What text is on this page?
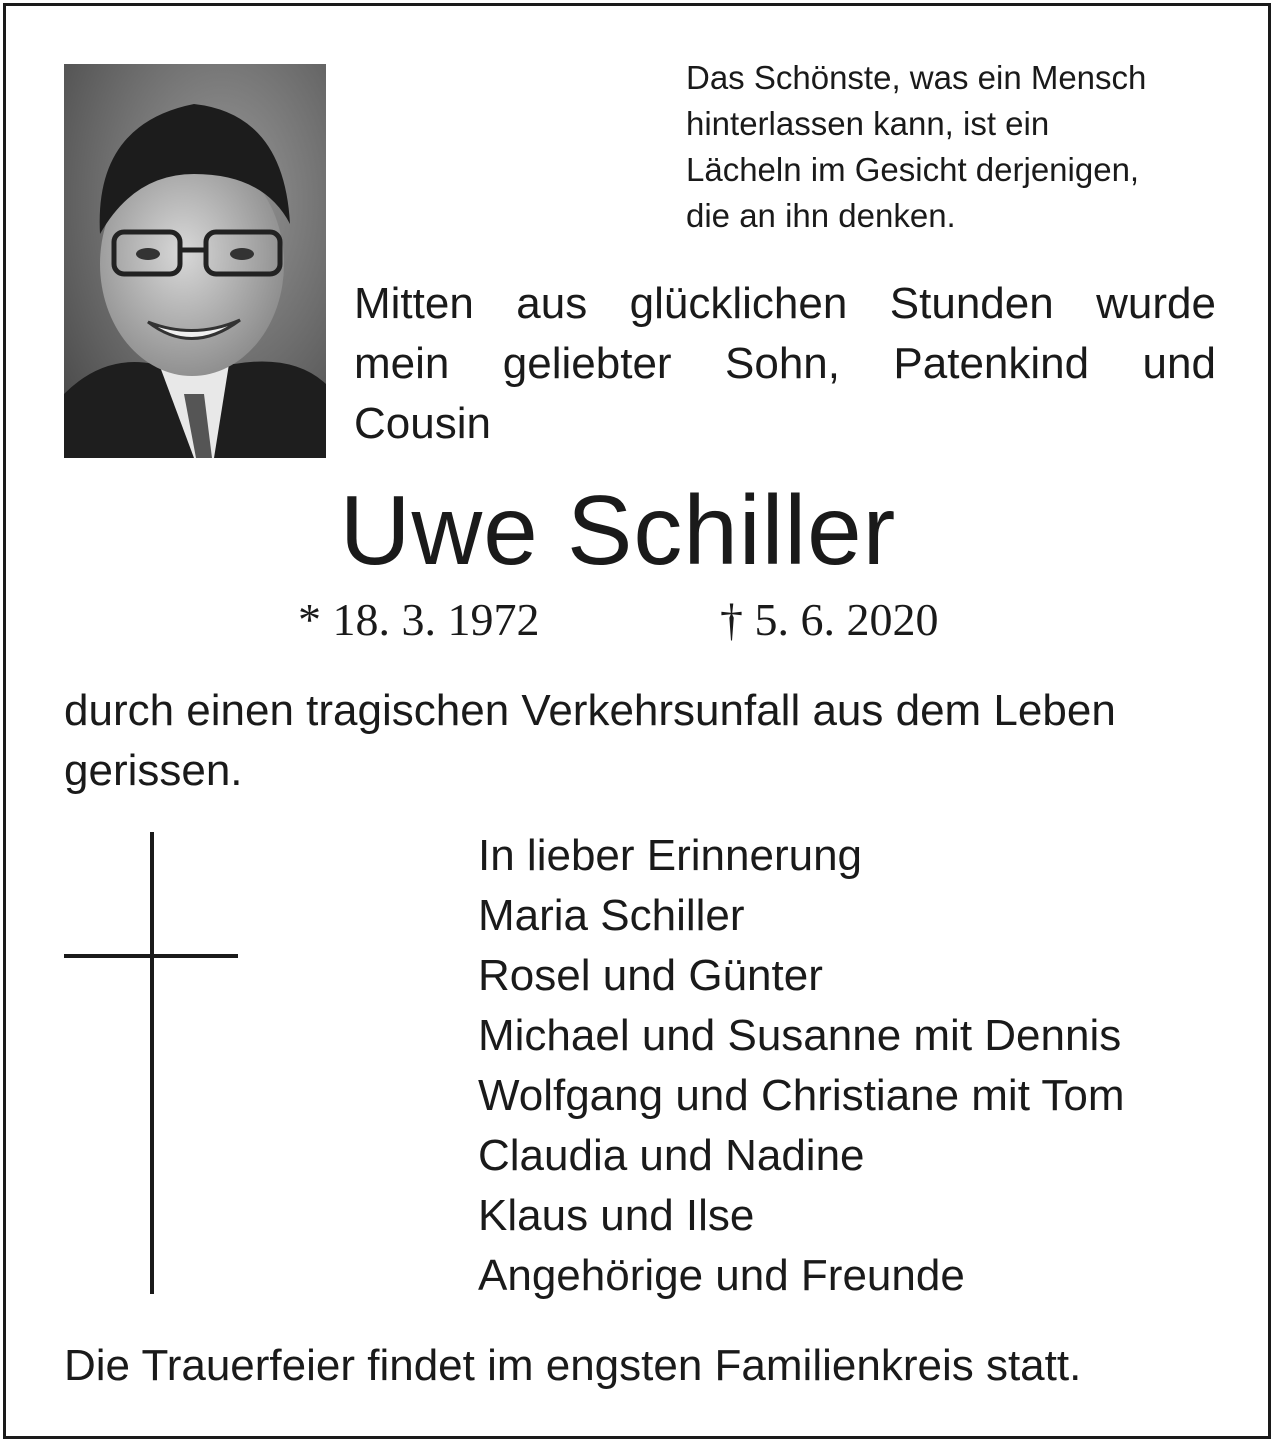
Das Schönste, was ein Mensch
hinterlassen kann, ist ein
Lächeln im Gesicht derjenigen,
die an ihn denken.
Mitten aus glücklichen Stunden wurde
mein geliebter Sohn, Patenkind und
Cousin
Uwe Schiller
* 18. 3. 1972	† 5. 6. 2020
durch einen tragischen Verkehrsunfall aus dem Leben
gerissen.
In lieber Erinnerung
Maria Schiller
Rosel und Günter
Michael und Susanne mit Dennis
Wolfgang und Christiane mit Tom
Claudia und Nadine
Klaus und Ilse
Angehörige und Freunde
Die Trauerfeier findet im engsten Familienkreis statt.
